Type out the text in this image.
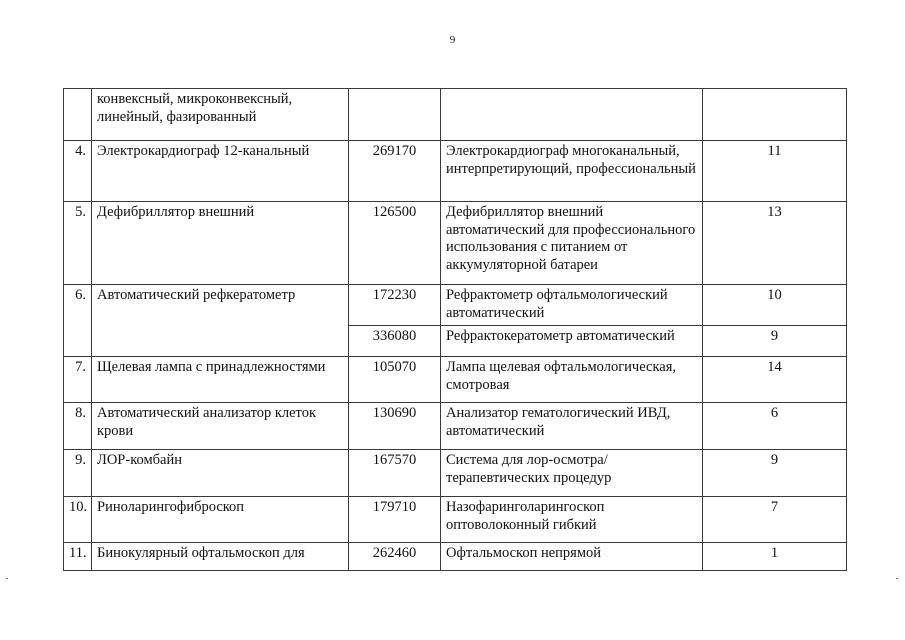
9
	конвексный, микроконвексный, линейный, фазированный			
4.	Электрокардиограф 12-канальный	269170	Электрокардиограф многоканальный, интерпретирующий, профессиональный	11
5.	Дефибриллятор внешний	126500	Дефибриллятор внешний автоматический для профессионального использования с питанием от аккумуляторной батареи	13
6.	Автоматический рефкератометр	172230	Рефрактометр офтальмологический автоматический	10
		336080	Рефрактокератометр автоматический	9
7.	Щелевая лампа с принадлежностями	105070	Лампа щелевая офтальмологическая, смотровая	14
8.	Автоматический анализатор клеток крови	130690	Анализатор гематологический ИВД, автоматический	6
9.	ЛОР-комбайн	167570	Система для лор-осмотра/терапевтических процедур	9
10.	Риноларингофиброскоп	179710	Назофаринголарингоскоп оптоволоконный гибкий	7
11.	Бинокулярный офтальмоскоп для	262460	Офтальмоскоп непрямой	1
